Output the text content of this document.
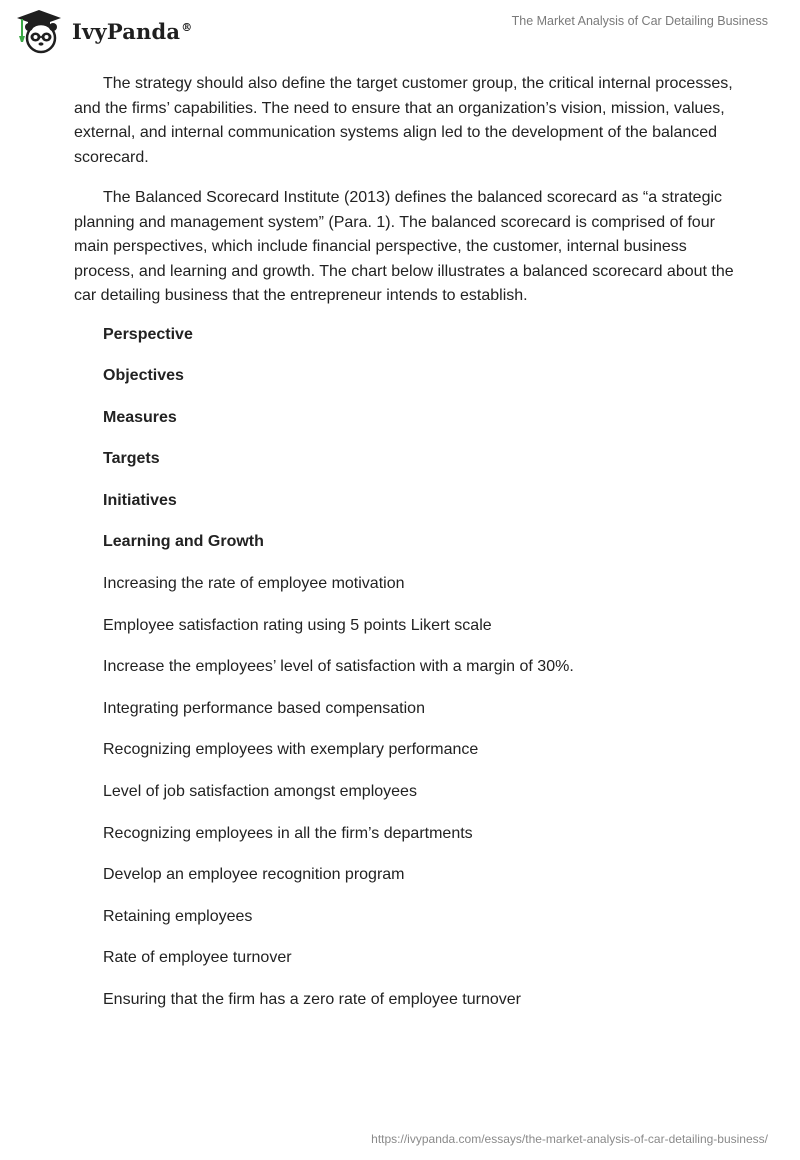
IvyPanda®	The Market Analysis of Car Detailing Business

The strategy should also define the target customer group, the critical internal processes, and the firms’ capabilities. The need to ensure that an organization’s vision, mission, values, external, and internal communication systems align led to the development of the balanced scorecard.

The Balanced Scorecard Institute (2013) defines the balanced scorecard as “a strategic planning and management system” (Para. 1). The balanced scorecard is comprised of four main perspectives, which include financial perspective, the customer, internal business process, and learning and growth. The chart below illustrates a balanced scorecard about the car detailing business that the entrepreneur intends to establish.

Perspective
Objectives
Measures
Targets
Initiatives
Learning and Growth
Increasing the rate of employee motivation
Employee satisfaction rating using 5 points Likert scale
Increase the employees’ level of satisfaction with a margin of 30%.
Integrating performance based compensation
Recognizing employees with exemplary performance
Level of job satisfaction amongst employees
Recognizing employees in all the firm’s departments
Develop an employee recognition program
Retaining employees
Rate of employee turnover
Ensuring that the firm has a zero rate of employee turnover
https://ivypanda.com/essays/the-market-analysis-of-car-detailing-business/
